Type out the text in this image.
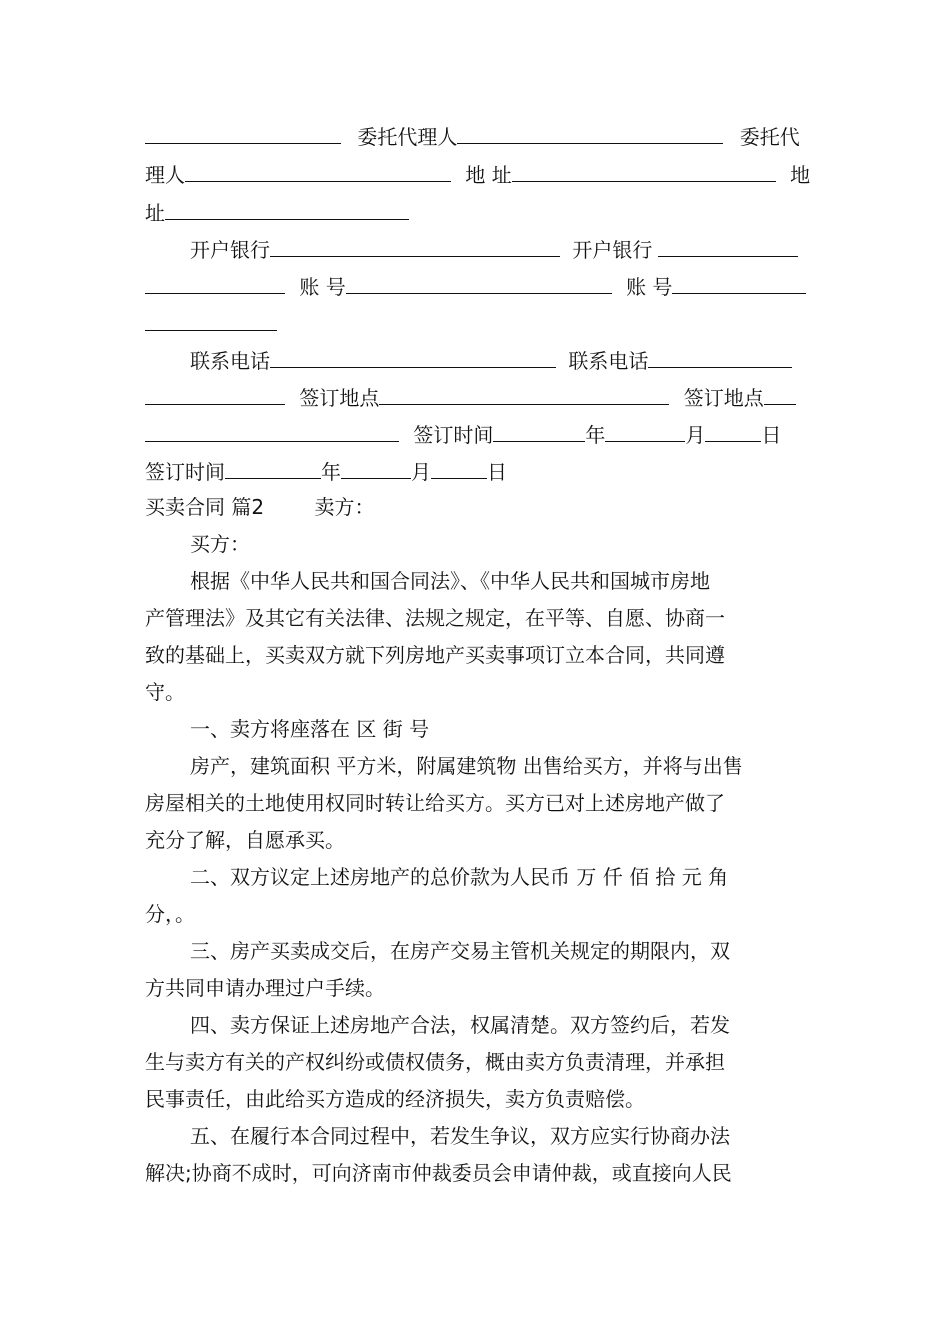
委托代理人	委托代
理人	地 址	地
址
开户银行	开户银行
账 号	账 号
联系电话	联系电话
签订地点	签订地点
签订时间	年	月	日
签订时间	年	月	日
买卖合同 篇2	卖方：
买方：
根据《中华人民共和国合同法》、《中华人民共和国城市房地
产管理法》及其它有关法律、法规之规定，在平等、自愿、协商一
致的基础上，买卖双方就下列房地产买卖事项订立本合同，共同遵
守。
一、卖方将座落在 区 街 号
房产，建筑面积 平方米，附属建筑物 出售给买方，并将与出售
房屋相关的土地使用权同时转让给买方。买方已对上述房地产做了
充分了解，自愿承买。
二、双方议定上述房地产的总价款为人民币 万 仟 佰 拾 元 角
分，。
三、房产买卖成交后，在房产交易主管机关规定的期限内，双
方共同申请办理过户手续。
四、卖方保证上述房地产合法，权属清楚。双方签约后，若发
生与卖方有关的产权纠纷或债权债务，概由卖方负责清理，并承担
民事责任，由此给买方造成的经济损失，卖方负责赔偿。
五、在履行本合同过程中，若发生争议，双方应实行协商办法
解决;协商不成时，可向济南市仲裁委员会申请仲裁，或直接向人民
